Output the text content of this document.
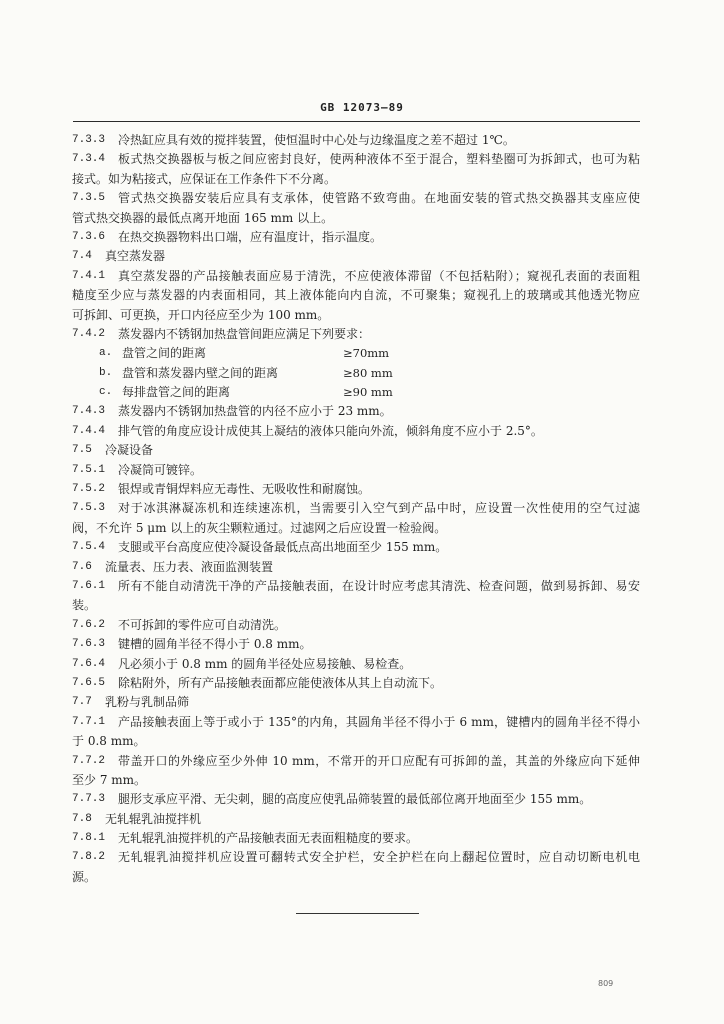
GB 12073—89
7.3.3 冷热缸应具有效的搅拌装置，使恒温时中心处与边缘温度之差不超过 1℃。
7.3.4 板式热交换器板与板之间应密封良好，使两种液体不至于混合，塑料垫圈可为拆卸式，也可为粘
接式。如为粘接式，应保证在工作条件下不分离。
7.3.5 管式热交换器安装后应具有支承体，使管路不致弯曲。在地面安装的管式热交换器其支座应使
管式热交换器的最低点离开地面 165 mm 以上。
7.3.6 在热交换器物料出口端，应有温度计，指示温度。
7.4 真空蒸发器
7.4.1 真空蒸发器的产品接触表面应易于清洗，不应使液体滞留（不包括粘附）；窥视孔表面的表面粗
糙度至少应与蒸发器的内表面相同，其上液体能向内自流，不可聚集；窥视孔上的玻璃或其他透光物应
可拆卸、可更换，开口内径应至少为 100 mm。
7.4.2 蒸发器内不锈钢加热盘管间距应满足下列要求：
a. 盘管之间的距离	≥70mm
b. 盘管和蒸发器内壁之间的距离	≥80 mm
c. 每排盘管之间的距离	≥90 mm
7.4.3 蒸发器内不锈钢加热盘管的内径不应小于 23 mm。
7.4.4 排气管的角度应设计成使其上凝结的液体只能向外流，倾斜角度不应小于 2.5°。
7.5 冷凝设备
7.5.1 冷凝筒可镀锌。
7.5.2 银焊或青铜焊料应无毒性、无吸收性和耐腐蚀。
7.5.3 对于冰淇淋凝冻机和连续速冻机，当需要引入空气到产品中时，应设置一次性使用的空气过滤
阀，不允许 5 μm 以上的灰尘颗粒通过。过滤网之后应设置一检验阀。
7.5.4 支腿或平台高度应使冷凝设备最低点高出地面至少 155 mm。
7.6 流量表、压力表、液面监测装置
7.6.1 所有不能自动清洗干净的产品接触表面，在设计时应考虑其清洗、检查问题，做到易拆卸、易安
装。
7.6.2 不可拆卸的零件应可自动清洗。
7.6.3 键槽的圆角半径不得小于 0.8 mm。
7.6.4 凡必须小于 0.8 mm 的圆角半径处应易接触、易检查。
7.6.5 除粘附外，所有产品接触表面都应能使液体从其上自动流下。
7.7 乳粉与乳制品筛
7.7.1 产品接触表面上等于或小于 135°的内角，其圆角半径不得小于 6 mm，键槽内的圆角半径不得小
于 0.8 mm。
7.7.2 带盖开口的外缘应至少外伸 10 mm，不常开的开口应配有可拆卸的盖，其盖的外缘应向下延伸
至少 7 mm。
7.7.3 腿形支承应平滑、无尖刺，腿的高度应使乳品筛装置的最低部位离开地面至少 155 mm。
7.8 无轧辊乳油搅拌机
7.8.1 无轧辊乳油搅拌机的产品接触表面无表面粗糙度的要求。
7.8.2 无轧辊乳油搅拌机应设置可翻转式安全护栏，安全护栏在向上翻起位置时，应自动切断电机电
源。
809
